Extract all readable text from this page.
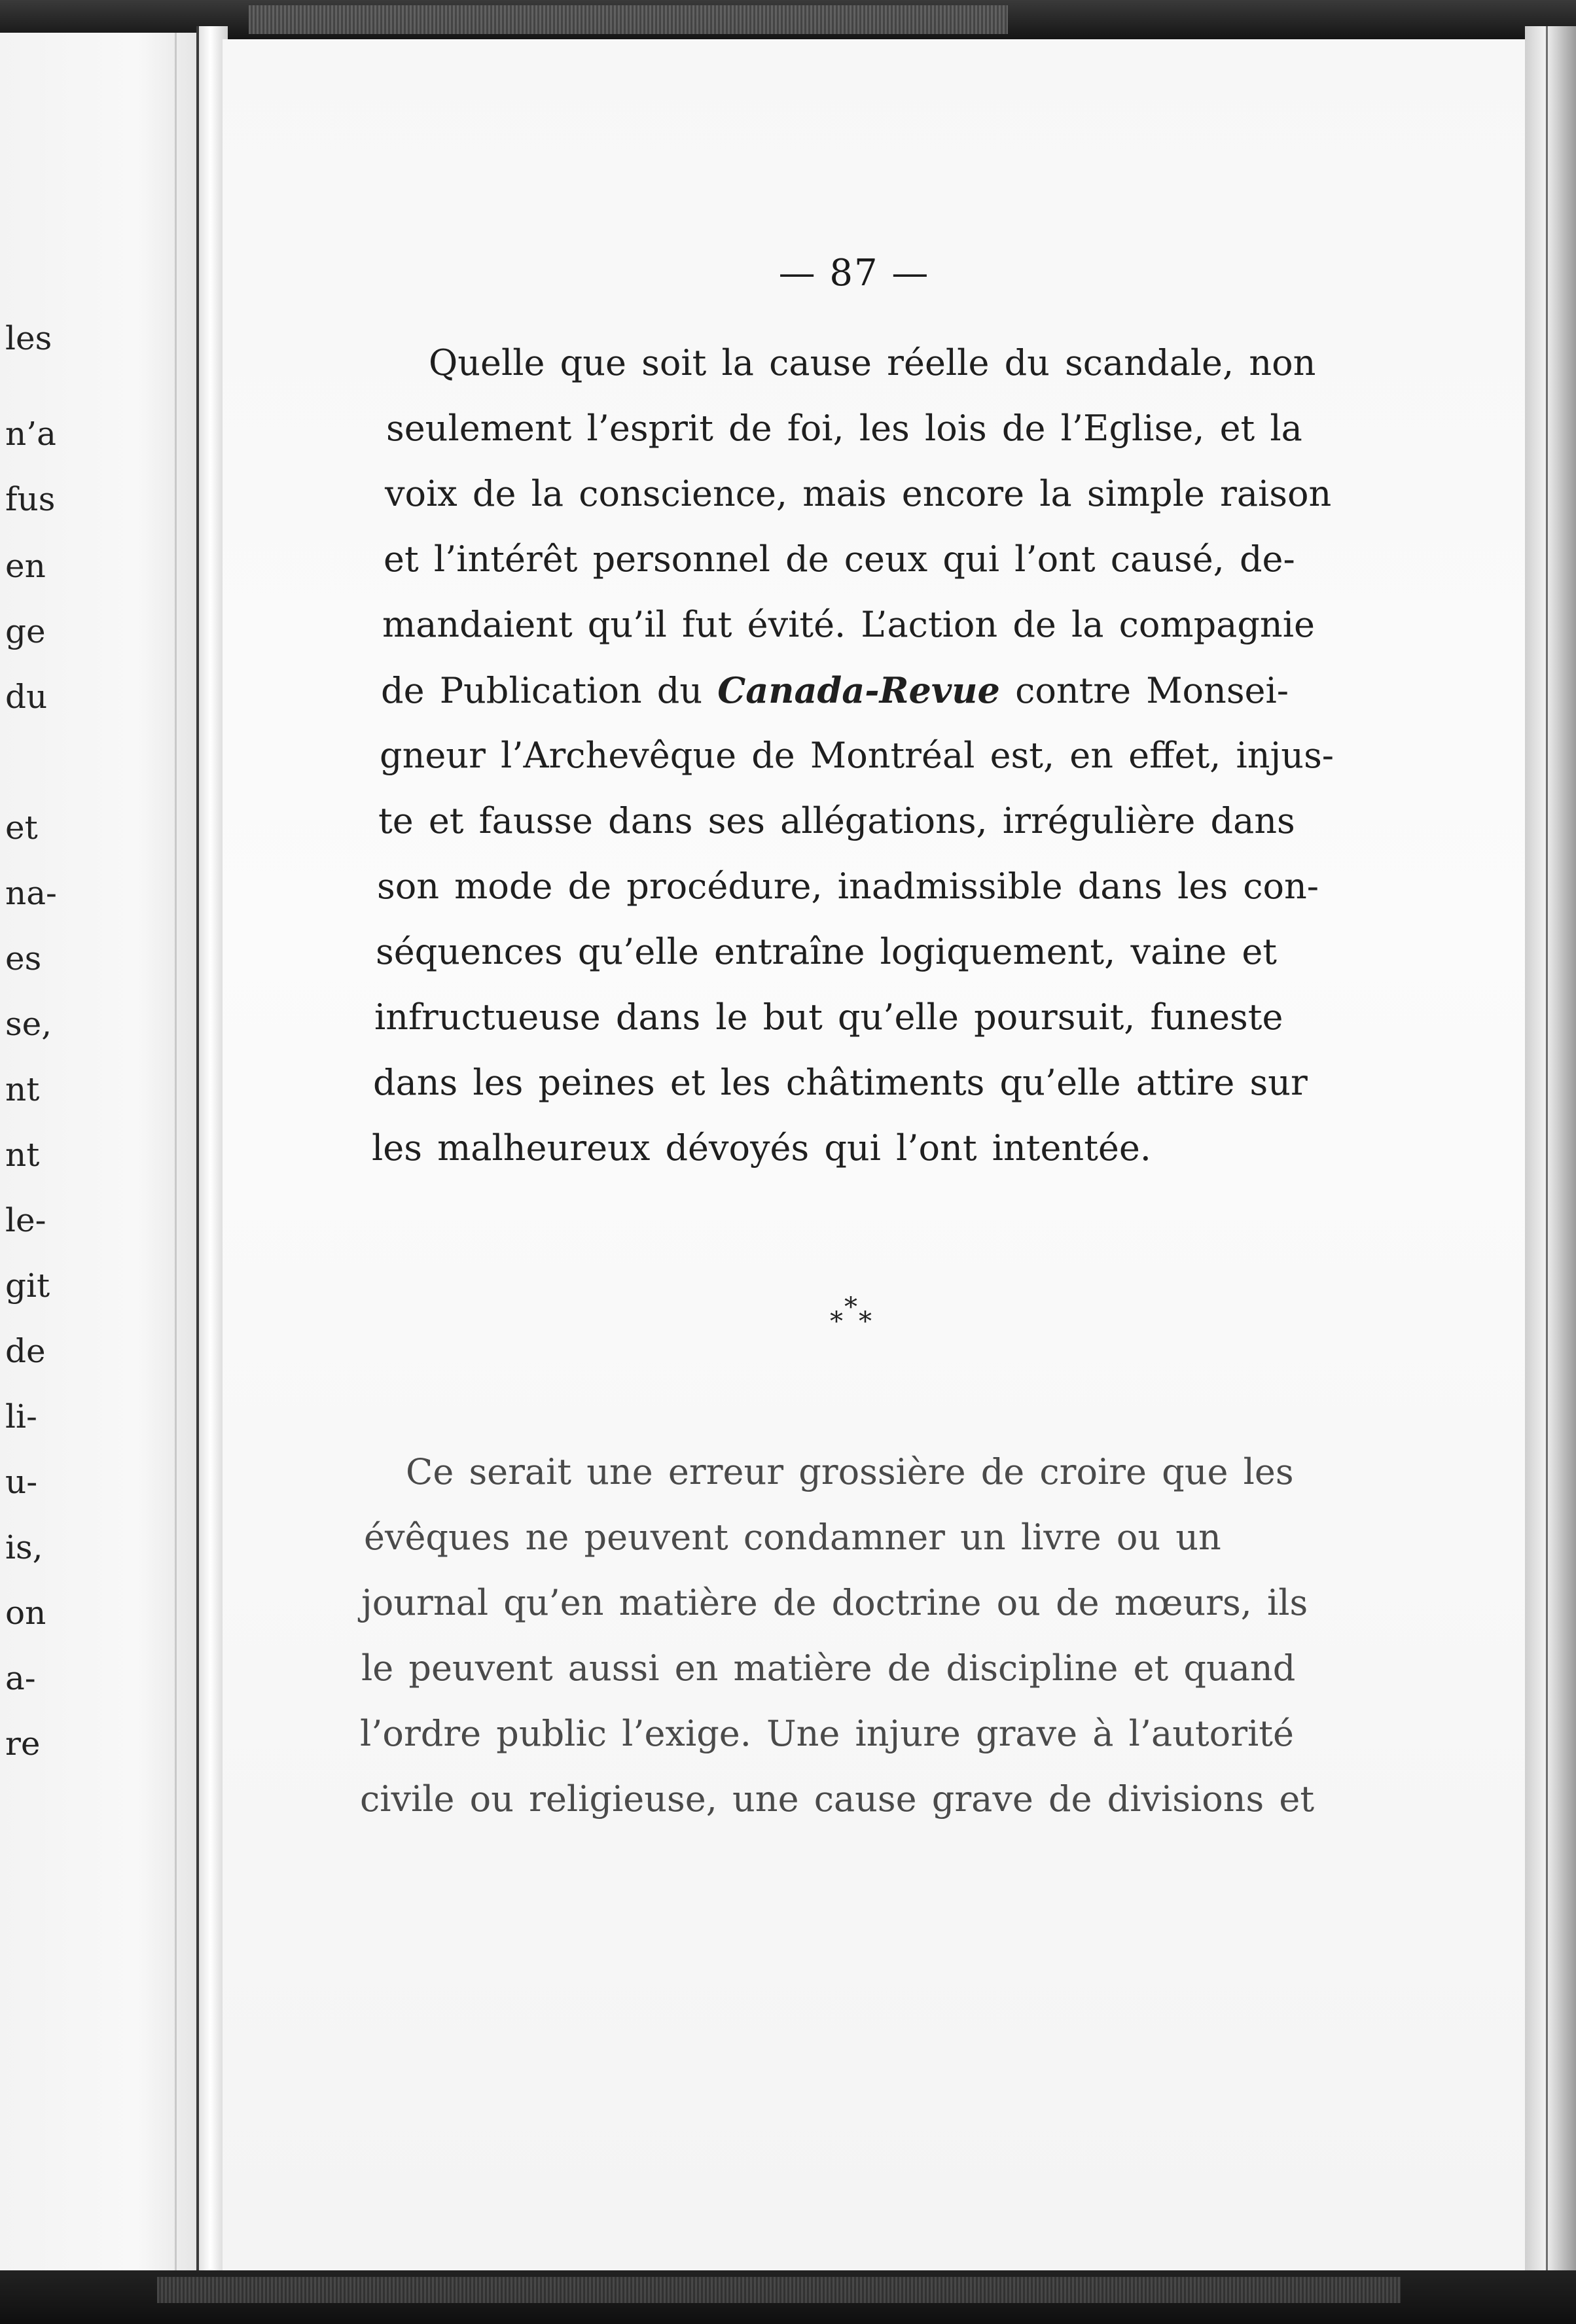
les
n’a
fus
en
ge
du
et
na-
es
se,
nt
nt
le-
git
de
li-
u-
is,
on
a-
re
— 87 —
Quelle que soit la cause réelle du scandale, non
seulement l’esprit de foi, les lois de l’Eglise, et la
voix de la conscience, mais encore la simple raison
et l’intérêt personnel de ceux qui l’ont causé, de-
mandaient qu’il fut évité. L’action de la compagnie
de Publication du Canada-Revue contre Monsei-
gneur l’Archevêque de Montréal est, en effet, injus-
te et fausse dans ses allégations, irrégulière dans
son mode de procédure, inadmissible dans les con-
séquences qu’elle entraîne logiquement, vaine et
infructueuse dans le but qu’elle poursuit, funeste
dans les peines et les châtiments qu’elle attire sur
les malheureux dévoyés qui l’ont intentée.
*
* *
Ce serait une erreur grossière de croire que les
évêques ne peuvent condamner un livre ou un
journal qu’en matière de doctrine ou de mœurs, ils
le peuvent aussi en matière de discipline et quand
l’ordre public l’exige. Une injure grave à l’autorité
civile ou religieuse, une cause grave de divisions et
